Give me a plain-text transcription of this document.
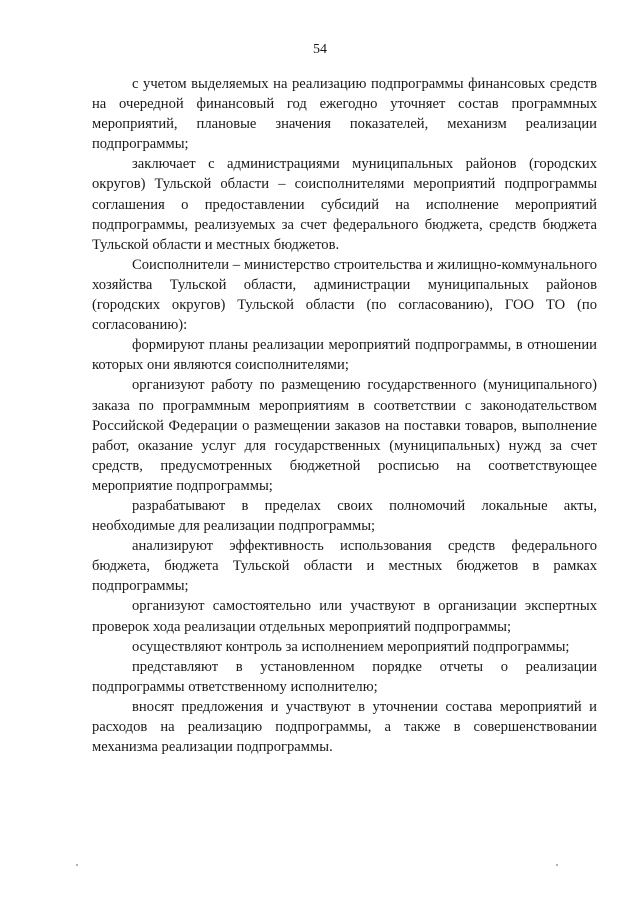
54

с учетом выделяемых на реализацию подпрограммы финансовых средств на очередной финансовый год ежегодно уточняет состав программных мероприятий, плановые значения показателей, механизм реализации подпрограммы;

заключает с администрациями муниципальных районов (городских округов) Тульской области – соисполнителями мероприятий подпрограммы соглашения о предоставлении субсидий на исполнение мероприятий подпрограммы, реализуемых за счет федерального бюджета, средств бюджета Тульской области и местных бюджетов.

Соисполнители – министерство строительства и жилищно-коммунального хозяйства Тульской области, администрации муниципальных районов (городских округов) Тульской области (по согласованию), ГОО ТО (по согласованию):

формируют планы реализации мероприятий подпрограммы, в отношении которых они являются соисполнителями;

организуют работу по размещению государственного (муниципального) заказа по программным мероприятиям в соответствии с законодательством Российской Федерации о размещении заказов на поставки товаров, выполнение работ, оказание услуг для государственных (муниципальных) нужд за счет средств, предусмотренных бюджетной росписью на соответствующее мероприятие подпрограммы;

разрабатывают в пределах своих полномочий локальные акты, необходимые для реализации подпрограммы;

анализируют эффективность использования средств федерального бюджета, бюджета Тульской области и местных бюджетов в рамках подпрограммы;

организуют самостоятельно или участвуют в организации экспертных проверок хода реализации отдельных мероприятий подпрограммы;

осуществляют контроль за исполнением мероприятий подпрограммы;

представляют в установленном порядке отчеты о реализации подпрограммы ответственному исполнителю;

вносят предложения и участвуют в уточнении состава мероприятий и расходов на реализацию подпрограммы, а также в совершенствовании механизма реализации подпрограммы.
